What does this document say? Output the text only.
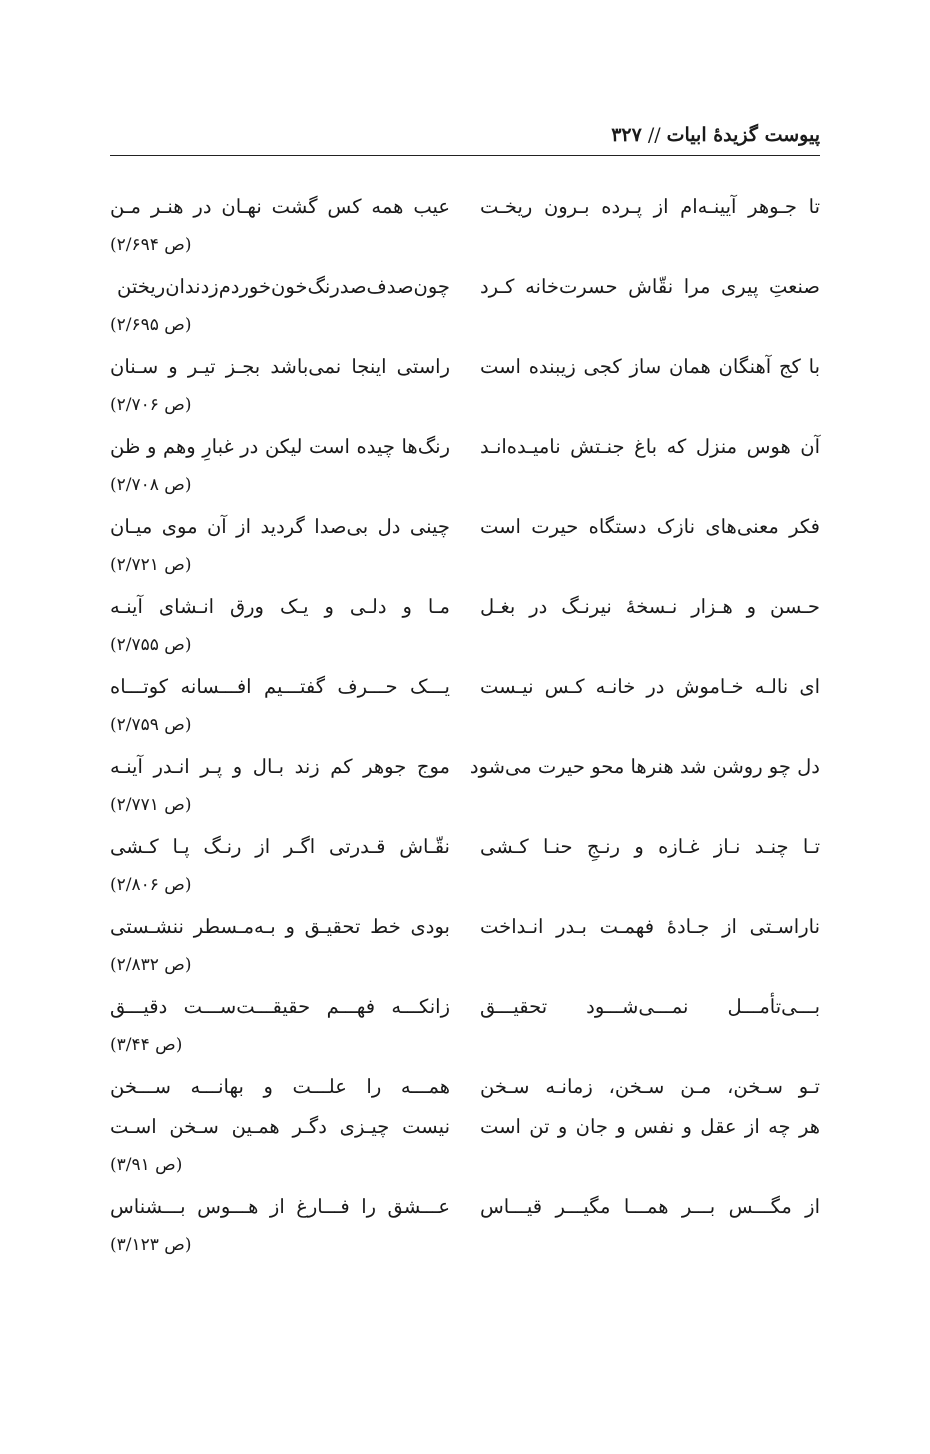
پیوست گزیدهٔ ابیات//۳۲۷
تا جـوهر آیینـه‌ام از پـرده بـرون ریخـت
عیب همه کس گشت نهـان در هنـر مـن
(ص ۲/۶۹۴)
صنعتِ پیری مرا نقّاش حسرت‌خانه کـرد
چون‌صدف‌صدرنگ‌خون‌خوردم‌زدندان‌ریختن
(ص ۲/۶۹۵)
با کج آهنگان همان ساز کجی زیبنده است
راستی اینجا نمی‌باشد بجـز تیـر و سـنان
(ص ۲/۷۰۶)
آن هوس منزل که باغ جنـتش نامیـده‌انـد
رنگ‌ها چیده است لیکن در غبارِ وهم و ظن
(ص ۲/۷۰۸)
فکر معنی‌های نازک دستگاه حیرت است
چینی دل بی‌صدا گردید از آن موی میـان
(ص ۲/۷۲۱)
حـسن و هـزار نـسخهٔ نیرنـگ در بغـل
مـا و دلـی و یـک ورق انـشای آینـه
(ص ۲/۷۵۵)
ای نالـه خـاموش در خانـه کـس نیـست
یـــک حـــرف گفتـــیم افـــسانه کوتـــاه
(ص ۲/۷۵۹)
دل چو روشن شد هنرها محو حیرت می‌شود
موج جوهر کم زند بـال و پـر انـدر آینـه
(ص ۲/۷۷۱)
تـا چنـد نـاز غـازه و رنـجِ حنـا کـشی
نقّـاش قـدرتی اگـر از رنـگ پـا کـشی
(ص ۲/۸۰۶)
ناراسـتی از جـادهٔ فهمـت بـدر انـداخت
بودی خط تحقیـق و بـه‌مـسطر ننشـستی
(ص ۲/۸۳۲)
بـــی‌تأمـــل نمـــی‌شـــود تحقیـــق
زانکـــه فهـــم حقیقـــت‌ســـت دقیـــق
(ص ۳/۴۴)
تـو سـخن، مـن سـخن، زمانـه سـخن
همـــه را علـــت و بهانـــه ســـخن
هر چه از عقل و نفس و جان و تن است
نیست چیـزی دگـر همـین سـخن اسـت
(ص ۳/۹۱)
از مگـــس بـــر همـــا مگیـــر قیـــاس
عـــشق را فـــارغ از هـــوس بـــشناس
(ص ۳/۱۲۳)
